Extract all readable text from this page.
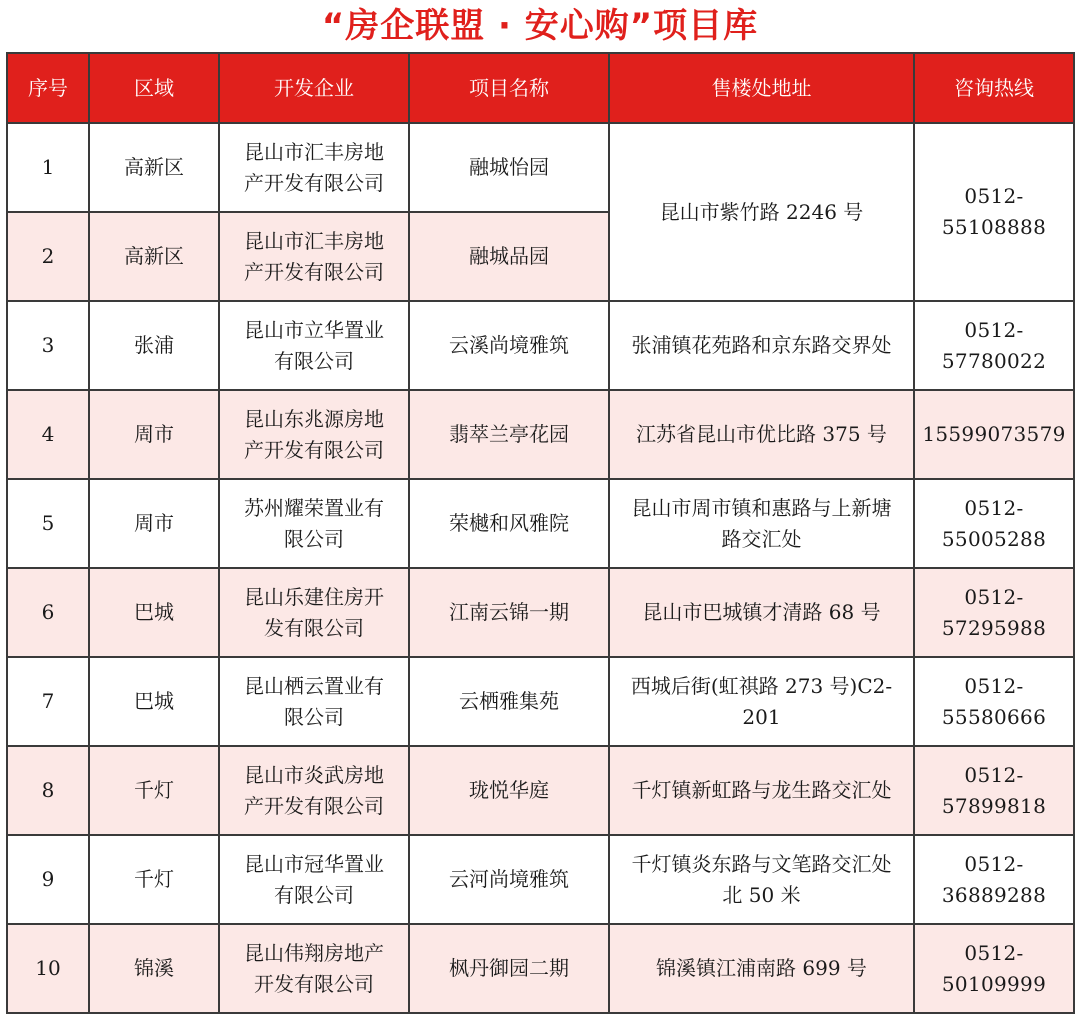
“房企联盟 · 安心购”项目库
序号	区域	开发企业	项目名称	售楼处地址	咨询热线
1	高新区	昆山市汇丰房地
产开发有限公司	融城怡园	昆山市紫竹路 2246 号	0512-55108888
2	高新区	昆山市汇丰房地
产开发有限公司	融城品园		
3	张浦	昆山市立华置业
有限公司	云溪尚境雅筑	张浦镇花苑路和京东路交界处	0512-57780022
4	周市	昆山东兆源房地
产开发有限公司	翡萃兰亭花园	江苏省昆山市优比路 375 号	15599073579
5	周市	苏州耀荣置业有
限公司	荣樾和风雅院	昆山市周市镇和惠路与上新塘
路交汇处	0512-55005288
6	巴城	昆山乐建住房开
发有限公司	江南云锦一期	昆山市巴城镇才清路 68 号	0512-57295988
7	巴城	昆山栖云置业有
限公司	云栖雅集苑	西城后街(虹祺路 273 号)C2-201	0512-55580666
8	千灯	昆山市炎武房地
产开发有限公司	珑悦华庭	千灯镇新虹路与龙生路交汇处	0512-57899818
9	千灯	昆山市冠华置业
有限公司	云河尚境雅筑	千灯镇炎东路与文笔路交汇处
北 50 米	0512-36889288
10	锦溪	昆山伟翔房地产
开发有限公司	枫丹御园二期	锦溪镇江浦南路 699 号	0512-50109999
